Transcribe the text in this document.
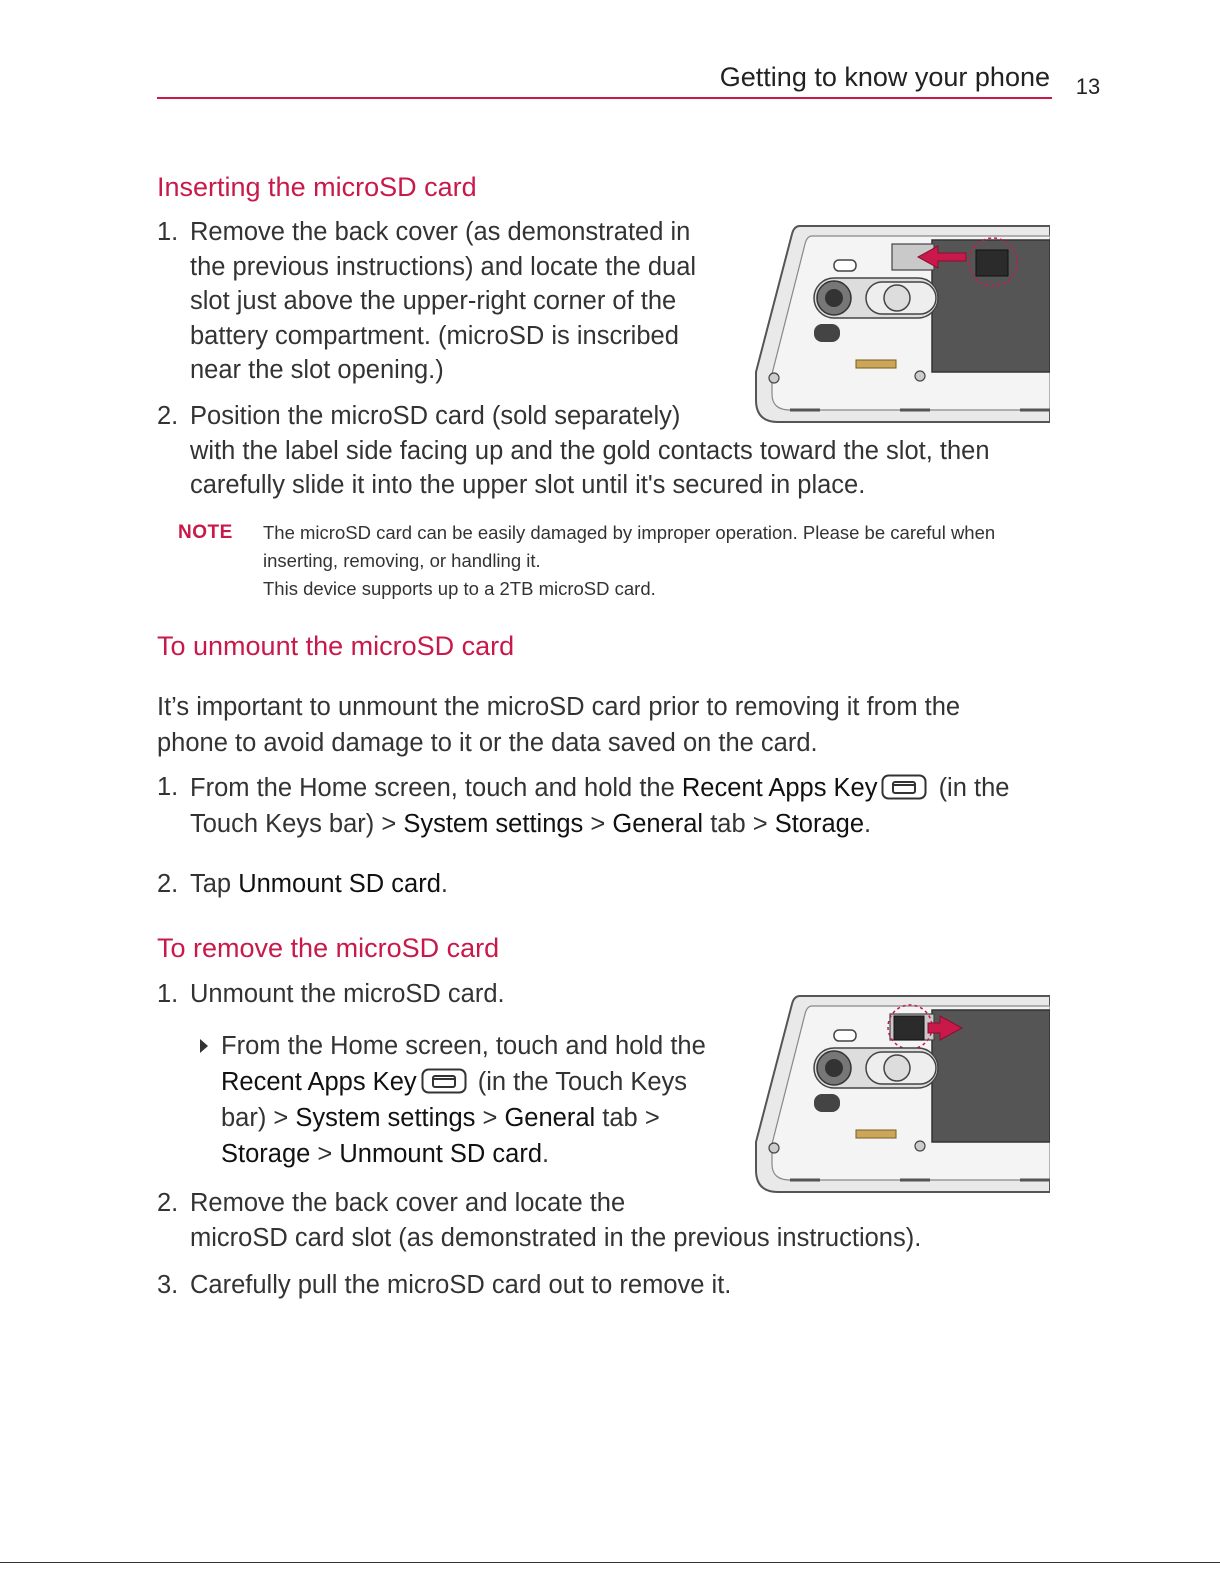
Getting to know your phone	13
Inserting the microSD card
1. Remove the back cover (as demonstrated in
the previous instructions) and locate the dual
slot just above the upper-right corner of the
battery compartment. (microSD is inscribed
near the slot opening.)
2. Position the microSD card (sold separately)
with the label side facing up and the gold contacts toward the slot, then
carefully slide it into the upper slot until it's secured in place.
NOTE The microSD card can be easily damaged by improper operation. Please be careful when
inserting, removing, or handling it.
This device supports up to a 2TB microSD card.
To unmount the microSD card
It’s important to unmount the microSD card prior to removing it from the
phone to avoid damage to it or the data saved on the card.
1. From the Home screen, touch and hold the Recent Apps Key (in the
Touch Keys bar) > System settings > General tab > Storage.
2. Tap Unmount SD card.
To remove the microSD card
1. Unmount the microSD card.
From the Home screen, touch and hold the
Recent Apps Key (in the Touch Keys
bar) > System settings > General tab >
Storage > Unmount SD card.
2. Remove the back cover and locate the
microSD card slot (as demonstrated in the previous instructions).
3. Carefully pull the microSD card out to remove it.
